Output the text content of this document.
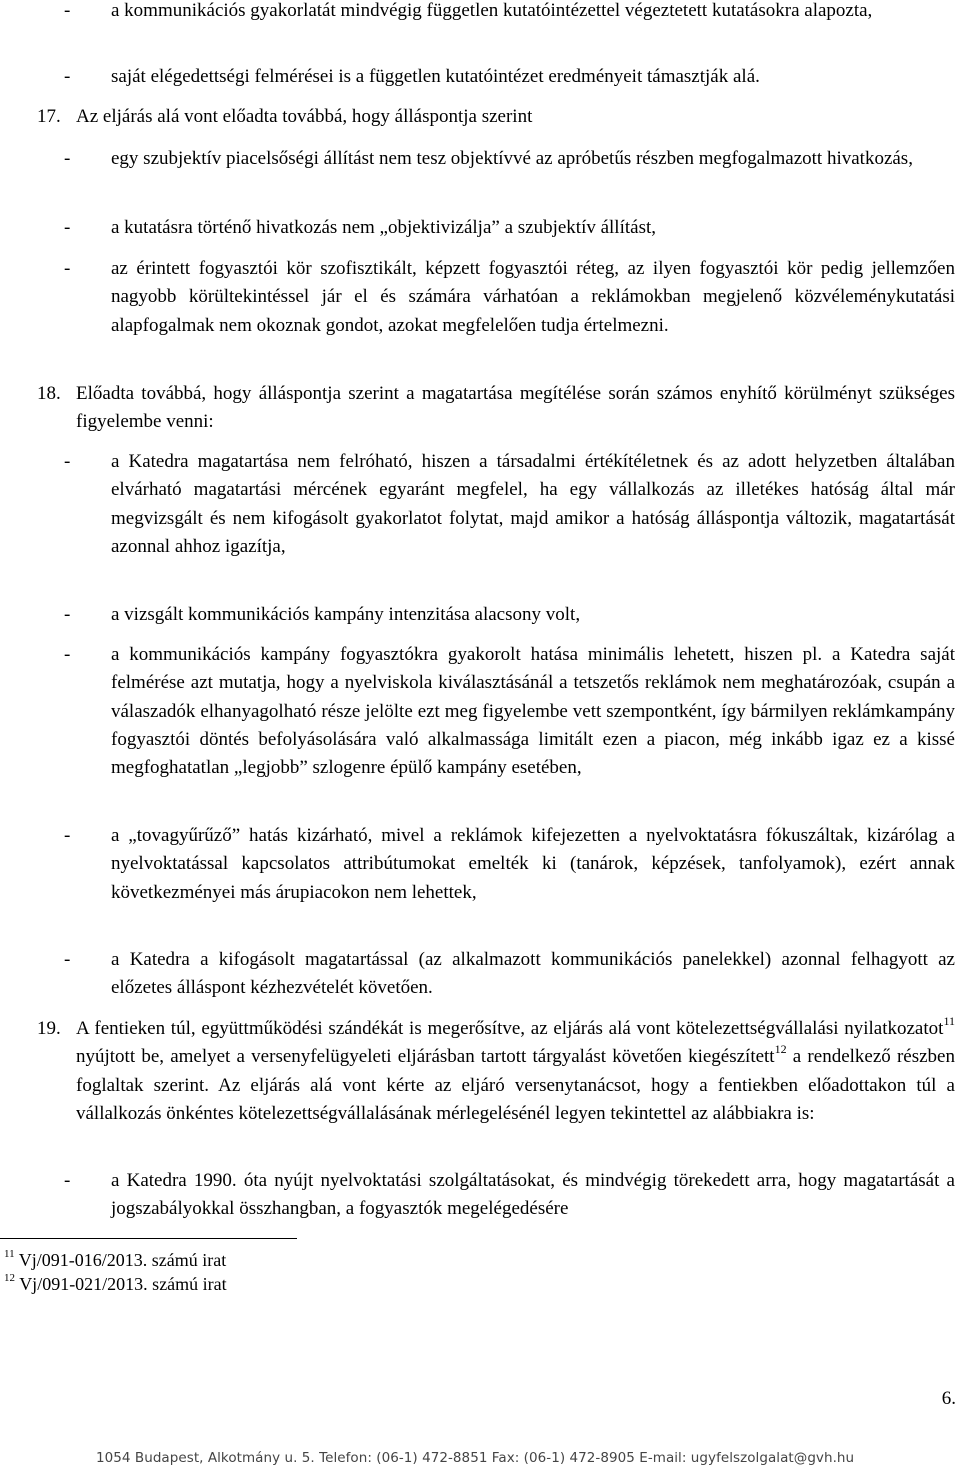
- a kommunikációs gyakorlatát mindvégig független kutatóintézettel végeztetett kutatásokra alapozta,
- saját elégedettségi felmérései is a független kutatóintézet eredményeit támasztják alá.
17. Az eljárás alá vont előadta továbbá, hogy álláspontja szerint
- egy szubjektív piacelsőségi állítást nem tesz objektívvé az apróbetűs részben megfogalmazott hivatkozás,
- a kutatásra történő hivatkozás nem „objektivizálja” a szubjektív állítást,
- az érintett fogyasztói kör szofisztikált, képzett fogyasztói réteg, az ilyen fogyasztói kör pedig jellemzően nagyobb körültekintéssel jár el és számára várhatóan a reklámokban megjelenő közvéleménykutatási alapfogalmak nem okoznak gondot, azokat megfelelően tudja értelmezni.
18. Előadta továbbá, hogy álláspontja szerint a magatartása megítélése során számos enyhítő körülményt szükséges figyelembe venni:
- a Katedra magatartása nem felróható, hiszen a társadalmi értékítéletnek és az adott helyzetben általában elvárható magatartási mércének egyaránt megfelel, ha egy vállalkozás az illetékes hatóság által már megvizsgált és nem kifogásolt gyakorlatot folytat, majd amikor a hatóság álláspontja változik, magatartását azonnal ahhoz igazítja,
- a vizsgált kommunikációs kampány intenzitása alacsony volt,
- a kommunikációs kampány fogyasztókra gyakorolt hatása minimális lehetett, hiszen pl. a Katedra saját felmérése azt mutatja, hogy a nyelviskola kiválasztásánál a tetszetős reklámok nem meghatározóak, csupán a válaszadók elhanyagolható része jelölte ezt meg figyelembe vett szempontként, így bármilyen reklámkampány fogyasztói döntés befolyásolására való alkalmassága limitált ezen a piacon, még inkább igaz ez a kissé megfoghatatlan „legjobb” szlogenre épülő kampány esetében,
- a „tovagyűrűző” hatás kizárható, mivel a reklámok kifejezetten a nyelvoktatásra fókuszáltak, kizárólag a nyelvoktatással kapcsolatos attribútumokat emelték ki (tanárok, képzések, tanfolyamok), ezért annak következményei más árupiacokon nem lehettek,
- a Katedra a kifogásolt magatartással (az alkalmazott kommunikációs panelekkel) azonnal felhagyott az előzetes álláspont kézhezvételét követően.
19. A fentieken túl, együttműködési szándékát is megerősítve, az eljárás alá vont kötelezettségvállalási nyilatkozatot$^{11}$ nyújtott be, amelyet a versenyfelügyeleti eljárásban tartott tárgyalást követően kiegészített$^{12}$ a rendelkező részben foglaltak szerint. Az eljárás alá vont kérte az eljáró versenytanácsot, hogy a fentiekben előadottakon túl a vállalkozás önkéntes kötelezettségvállalásának mérlegelésénél legyen tekintettel az alábbiakra is:
- a Katedra 1990. óta nyújt nyelvoktatási szolgáltatásokat, és mindvégig törekedett arra, hogy magatartását a jogszabályokkal összhangban, a fogyasztók megelégedésére
$^{11}$ Vj/091-016/2013. számú irat
$^{12}$ Vj/091-021/2013. számú irat
6.
1054 Budapest, Alkotmány u. 5. Telefon: (06-1) 472-8851 Fax: (06-1) 472-8905 E-mail: ugyfelszolgalat@gvh.hu
